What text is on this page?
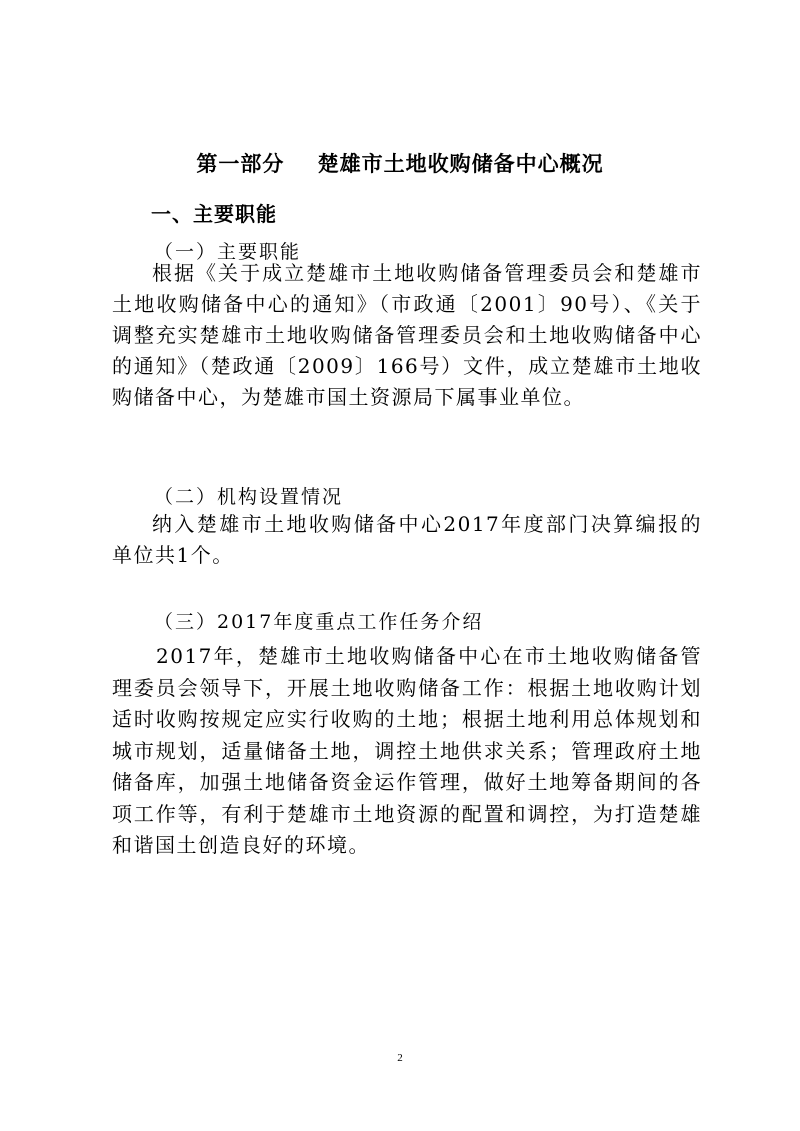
第一部分    楚雄市土地收购储备中心概况
一、主要职能
（一）主要职能

根据《关于成立楚雄市土地收购储备管理委员会和楚雄市土地收购储备中心的通知》（市政通〔2001〕90号）、《关于调整充实楚雄市土地收购储备管理委员会和土地收购储备中心的通知》（楚政通〔2009〕166号）文件，成立楚雄市土地收购储备中心，为楚雄市国土资源局下属事业单位。

（二）机构设置情况

纳入楚雄市土地收购储备中心2017年度部门决算编报的单位共1个。

（三）2017年度重点工作任务介绍

2017年，楚雄市土地收购储备中心在市土地收购储备管理委员会领导下，开展土地收购储备工作：根据土地收购计划适时收购按规定应实行收购的土地；根据土地利用总体规划和城市规划，适量储备土地，调控土地供求关系；管理政府土地储备库，加强土地储备资金运作管理，做好土地筹备期间的各项工作等，有利于楚雄市土地资源的配置和调控，为打造楚雄和谐国土创造良好的环境。

2
